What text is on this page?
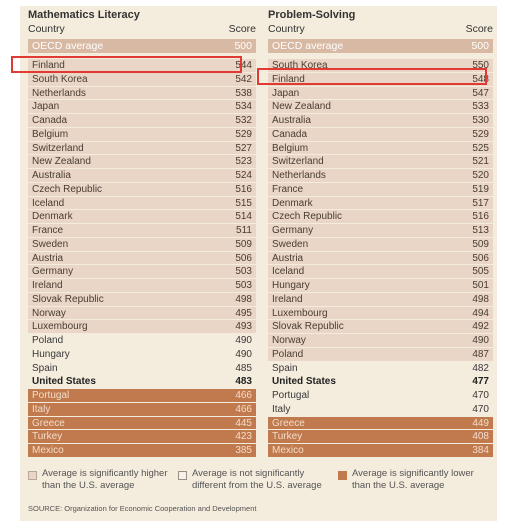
Mathematics Literacy
Country	Score
OECD average	500
Finland	544
South Korea	542
Netherlands	538
Japan	534
Canada	532
Belgium	529
Switzerland	527
New Zealand	523
Australia	524
Czech Republic	516
Iceland	515
Denmark	514
France	511
Sweden	509
Austria	506
Germany	503
Ireland	503
Slovak Republic	498
Norway	495
Luxembourg	493
Poland	490
Hungary	490
Spain	485
United States	483
Portugal	466
Italy	466
Greece	445
Turkey	423
Mexico	385
Problem-Solving
Country	Score
OECD average	500
South Korea	550
Finland	548
Japan	547
New Zealand	533
Australia	530
Canada	529
Belgium	525
Switzerland	521
Netherlands	520
France	519
Denmark	517
Czech Republic	516
Germany	513
Sweden	509
Austria	506
Iceland	505
Hungary	501
Ireland	498
Luxembourg	494
Slovak Republic	492
Norway	490
Poland	487
Spain	482
United States	477
Portugal	470
Italy	470
Greece	449
Turkey	408
Mexico	384
Average is significantly higher than the U.S. average
Average is not significantly different from the U.S. average
Average is significantly lower than the U.S. average
SOURCE: Organization for Economic Cooperation and Development
